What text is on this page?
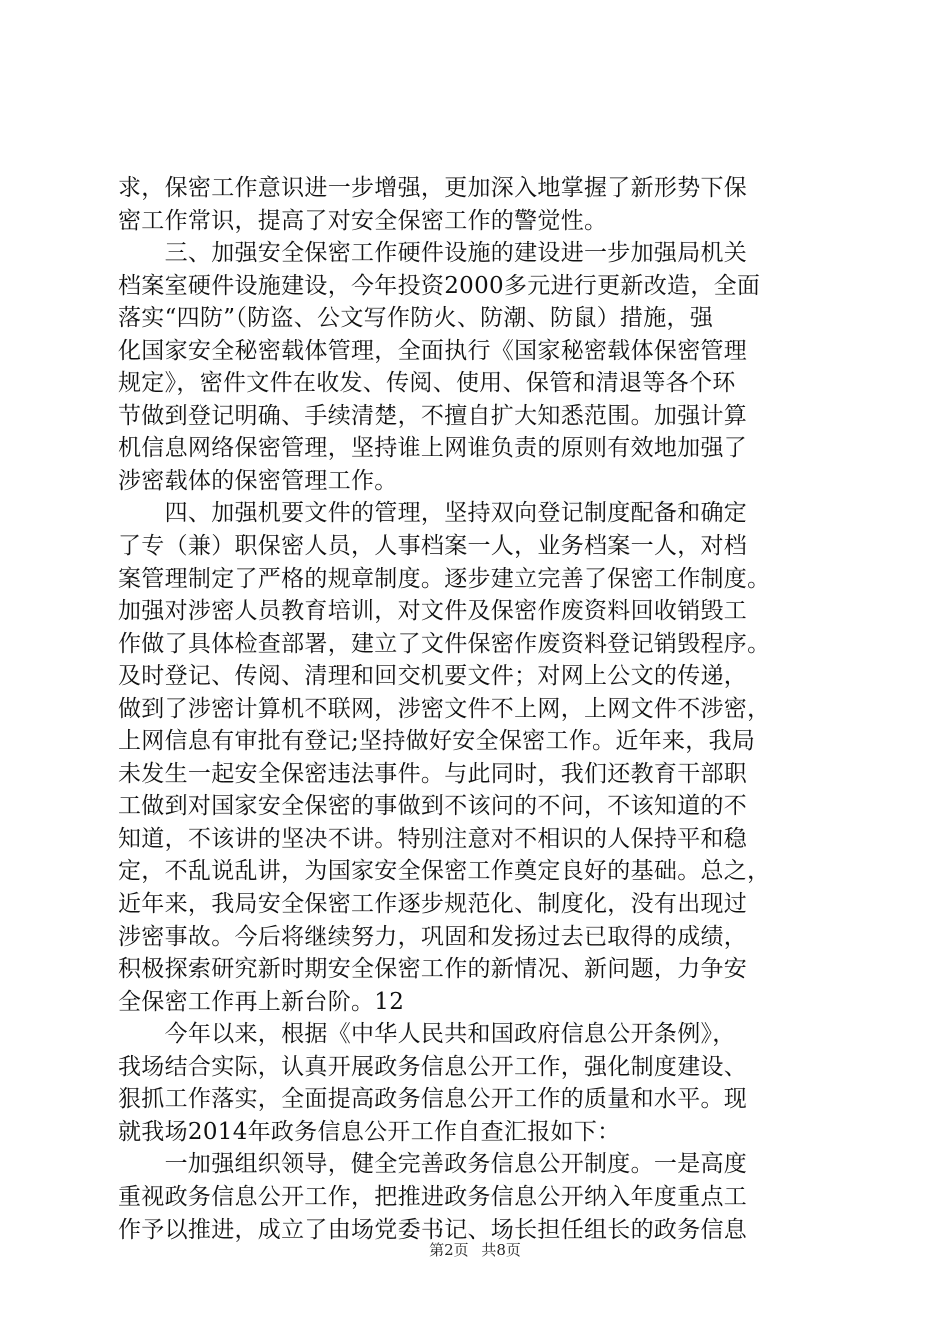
求，保密工作意识进一步增强，更加深入地掌握了新形势下保
密工作常识，提高了对安全保密工作的警觉性。
　　三、加强安全保密工作硬件设施的建设进一步加强局机关
档案室硬件设施建设，今年投资2000多元进行更新改造，全面
落实“四防”（防盗、公文写作防火、防潮、防鼠）措施，强
化国家安全秘密载体管理，全面执行《国家秘密载体保密管理
规定》，密件文件在收发、传阅、使用、保管和清退等各个环
节做到登记明确、手续清楚，不擅自扩大知悉范围。加强计算
机信息网络保密管理，坚持谁上网谁负责的原则有效地加强了
涉密载体的保密管理工作。
　　四、加强机要文件的管理，坚持双向登记制度配备和确定
了专（兼）职保密人员，人事档案一人，业务档案一人，对档
案管理制定了严格的规章制度。逐步建立完善了保密工作制度。
加强对涉密人员教育培训，对文件及保密作废资料回收销毁工
作做了具体检查部署，建立了文件保密作废资料登记销毁程序。
及时登记、传阅、清理和回交机要文件；对网上公文的传递，
做到了涉密计算机不联网，涉密文件不上网，上网文件不涉密，
上网信息有审批有登记;坚持做好安全保密工作。近年来，我局
未发生一起安全保密违法事件。与此同时，我们还教育干部职
工做到对国家安全保密的事做到不该问的不问，不该知道的不
知道，不该讲的坚决不讲。特别注意对不相识的人保持平和稳
定，不乱说乱讲，为国家安全保密工作奠定良好的基础。总之，
近年来，我局安全保密工作逐步规范化、制度化，没有出现过
涉密事故。今后将继续努力，巩固和发扬过去已取得的成绩，
积极探索研究新时期安全保密工作的新情况、新问题，力争安
全保密工作再上新台阶。12
　　今年以来，根据《中华人民共和国政府信息公开条例》，
我场结合实际，认真开展政务信息公开工作，强化制度建设、
狠抓工作落实，全面提高政务信息公开工作的质量和水平。现
就我场2014年政务信息公开工作自查汇报如下：
　　一加强组织领导，健全完善政务信息公开制度。一是高度
重视政务信息公开工作，把推进政务信息公开纳入年度重点工
作予以推进，成立了由场党委书记、场长担任组长的政务信息
第2页 共8页
